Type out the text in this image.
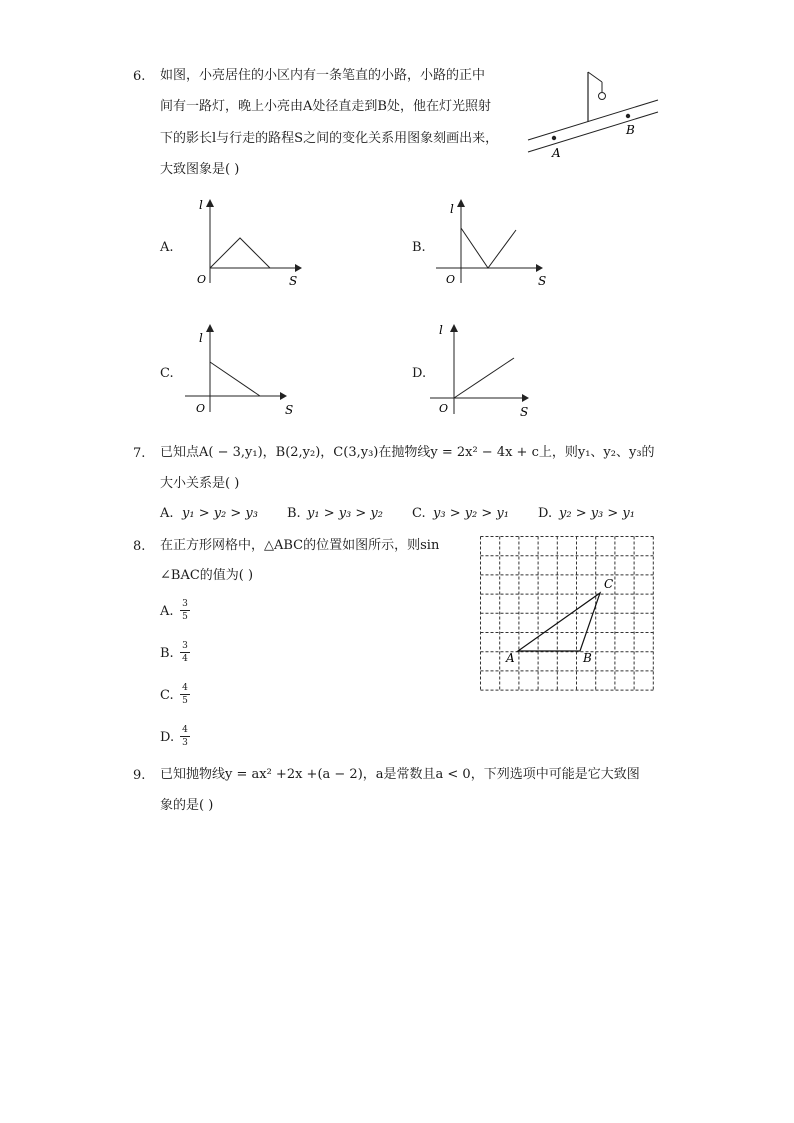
6. 如图，小亮居住的小区内有一条笔直的小路，小路的正中
间有一路灯，晚上小亮由A处径直走到B处，他在灯光照射
下的影长l与行走的路程S之间的变化关系用图象刻画出来，
大致图象是( )
A
B
A.
l
O	S
B.
l
O	S
C.
l
O	S
D.
l
O	S
7. 已知点A( − 3,y₁)，B(2,y₂)，C(3,y₃)在抛物线y = 2x² − 4x + c上，则y₁、y₂、y₃的
大小关系是( )
A. y₁ > y₂ > y₃ B. y₁ > y₃ > y₂ C. y₃ > y₂ > y₁ D. y₂ > y₃ > y₁
8. 在正方形网格中，△ABC的位置如图所示，则sin
∠BAC的值为( )
A. 3
5
B. 3
4
C. 4
5
D. 4
3
A	B
C
9. 已知抛物线y = ax² +2x +(a − 2)，a是常数且a < 0，下列选项中可能是它大致图
象的是( )
